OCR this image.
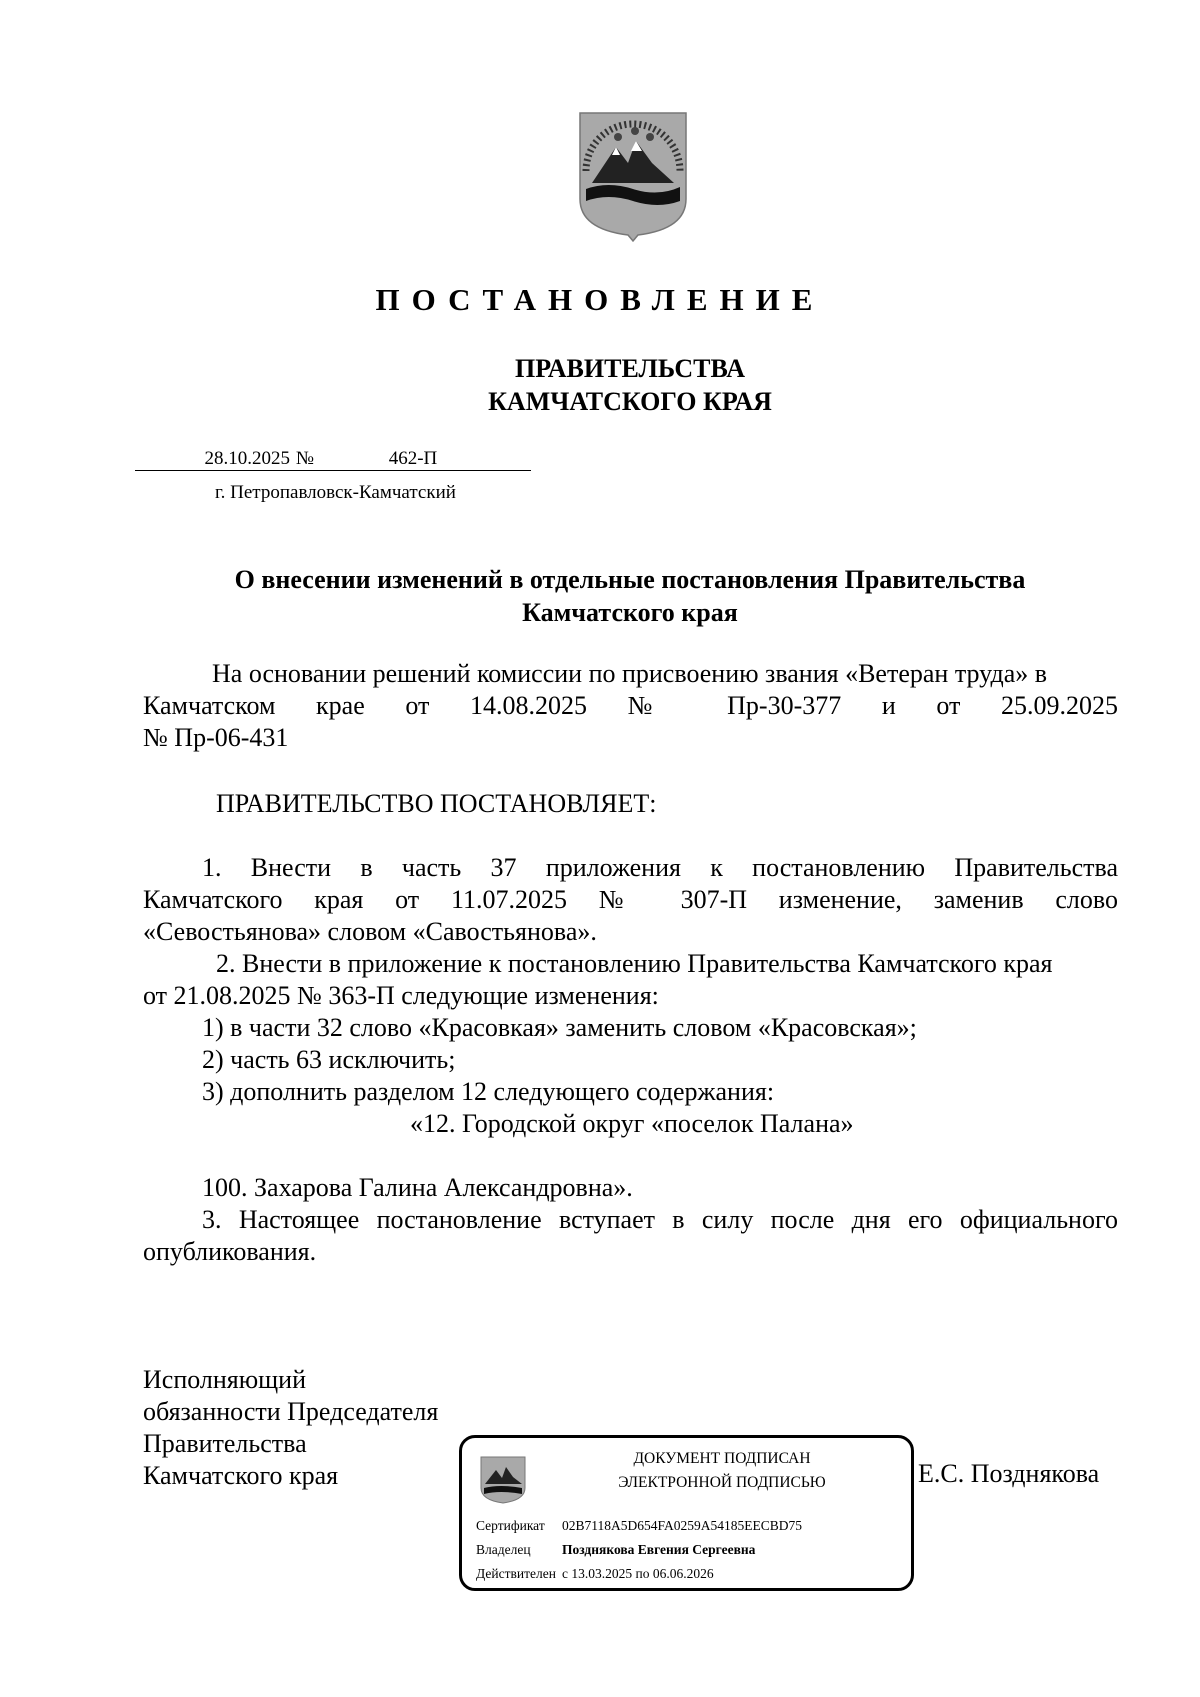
ПОСТАНОВЛЕНИЕ
ПРАВИТЕЛЬСТВА
КАМЧАТСКОГО КРАЯ
28.10.2025 №
	462-П

г. Петропавловск-Камчатский
О внесении изменений в отдельные постановления Правительства
Камчатского края
На основании решений комиссии по присвоению звания «Ветеран труда» в
Камчатском крае от 14.08.2025 № Пр-30-377 и от 25.09.2025
№ Пр-06-431
ПРАВИТЕЛЬСТВО ПОСТАНОВЛЯЕТ:
1. Внести в часть 37 приложения к постановлению Правительства
Камчатского края от 11.07.2025 № 307-П изменение, заменив слово
«Севостьянова» словом «Савостьянова».
2. Внести в приложение к постановлению Правительства Камчатского края
от 21.08.2025 № 363-П следующие изменения:
1) в части 32 слово «Красовкая» заменить словом «Красовская»;
2) часть 63 исключить;
3) дополнить разделом 12 следующего содержания:
«12. Городской округ «поселок Палана»
100. Захарова Галина Александровна».
3. Настоящее постановление вступает в силу после дня его официального
опубликования.
Исполняющий
обязанности Председателя
Правительства
Камчатского края	Е.С. Позднякова
ДОКУМЕНТ ПОДПИСАН
ЭЛЕКТРОННОЙ ПОДПИСЬЮ
Сертификат 02B7118A5D654FA0259A54185EECBD75
Владелец Позднякова Евгения Сергеевна
Действителен с 13.03.2025 по 06.06.2026
